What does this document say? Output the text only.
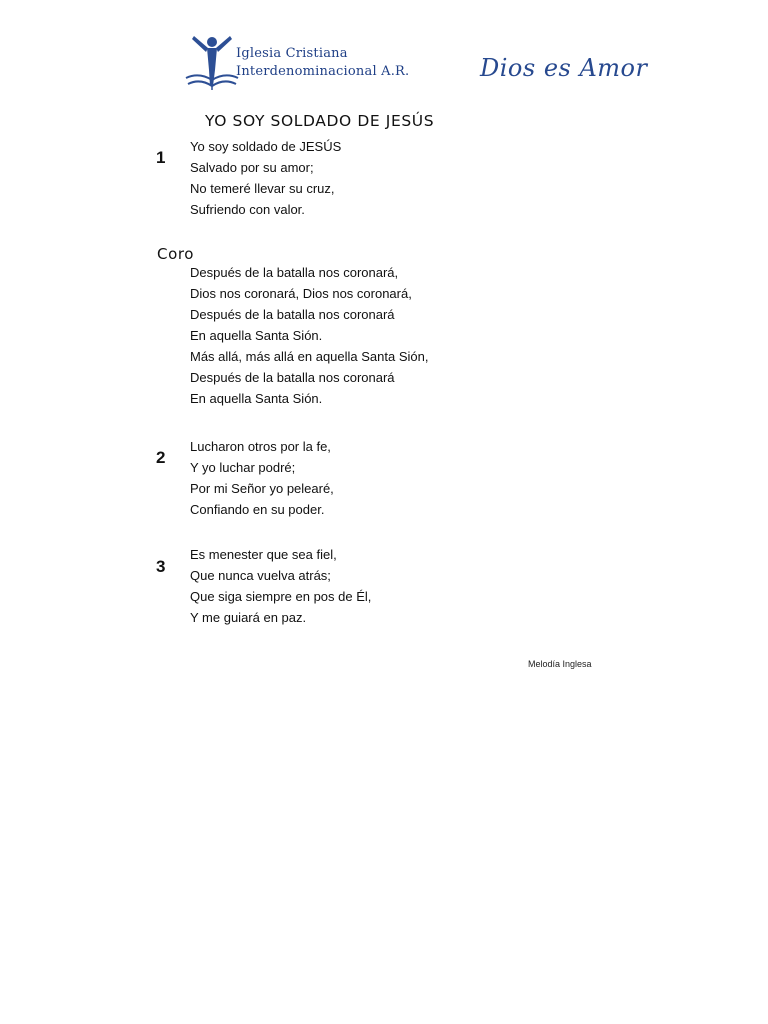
Iglesia Cristiana
Interdenominacional A.R.	Dios es Amor
YO SOY SOLDADO DE JESÚS
1
Yo soy soldado de JESÚS
Salvado por su amor;
No temeré llevar su cruz,
Sufriendo con valor.
Coro
Después de la batalla nos coronará,
Dios nos coronará, Dios nos coronará,
Después de la batalla nos coronará
En aquella Santa Sión.
Más allá, más allá en aquella Santa Sión,
Después de la batalla nos coronará
En aquella Santa Sión.
2
Lucharon otros por la fe,
Y yo luchar podré;
Por mi Señor yo pelearé,
Confiando en su poder.
3
Es menester que sea fiel,
Que nunca vuelva atrás;
Que siga siempre en pos de Él,
Y me guiará en paz.
Melodía Inglesa
